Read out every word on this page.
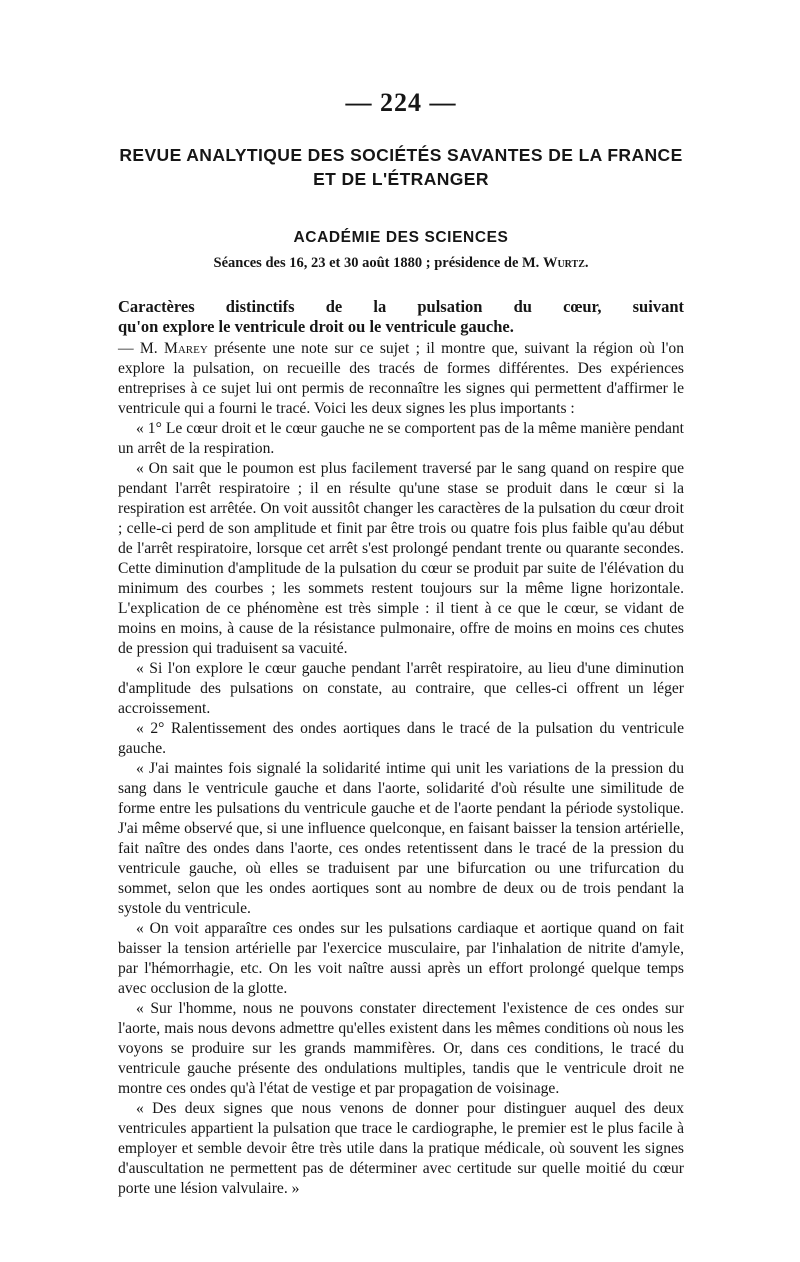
— 224 —
REVUE ANALYTIQUE DES SOCIÉTÉS SAVANTES DE LA FRANCE
ET DE L'ÉTRANGER
ACADÉMIE DES SCIENCES
Séances des 16, 23 et 30 août 1880 ; présidence de M. Wurtz.
Caractères distinctifs de la pulsation du cœur, suivant
qu'on explore le ventricule droit ou le ventricule gauche.

— M. Marey présente une note sur ce sujet ; il montre que, suivant la région où l'on explore la pulsation, on recueille des tracés de formes différentes. Des expériences entreprises à ce sujet lui ont permis de reconnaître les signes qui permettent d'affirmer le ventricule qui a fourni le tracé. Voici les deux signes les plus importants :

« 1° Le cœur droit et le cœur gauche ne se comportent pas de la même manière pendant un arrêt de la respiration.

« On sait que le poumon est plus facilement traversé par le sang quand on respire que pendant l'arrêt respiratoire ; il en résulte qu'une stase se produit dans le cœur si la respiration est arrêtée. On voit aussitôt changer les caractères de la pulsation du cœur droit ; celle-ci perd de son amplitude et finit par être trois ou quatre fois plus faible qu'au début de l'arrêt respiratoire, lorsque cet arrêt s'est prolongé pendant trente ou quarante secondes. Cette diminution d'amplitude de la pulsation du cœur se produit par suite de l'élévation du minimum des courbes ; les sommets restent toujours sur la même ligne horizontale. L'explication de ce phénomène est très simple : il tient à ce que le cœur, se vidant de moins en moins, à cause de la résistance pulmonaire, offre de moins en moins ces chutes de pression qui traduisent sa vacuité.

« Si l'on explore le cœur gauche pendant l'arrêt respiratoire, au lieu d'une diminution d'amplitude des pulsations on constate, au contraire, que celles-ci offrent un léger accroissement.

« 2° Ralentissement des ondes aortiques dans le tracé de la pulsation du ventricule gauche.

« J'ai maintes fois signalé la solidarité intime qui unit les variations de la pression du sang dans le ventricule gauche et dans l'aorte, solidarité d'où résulte une similitude de forme entre les pulsations du ventricule gauche et de l'aorte pendant la période systolique. J'ai même observé que, si une influence quelconque, en faisant baisser la tension artérielle, fait naître des ondes dans l'aorte, ces ondes retentissent dans le tracé de la pression du ventricule gauche, où elles se traduisent par une bifurcation ou une trifurcation du sommet, selon que les ondes aortiques sont au nombre de deux ou de trois pendant la systole du ventricule.

« On voit apparaître ces ondes sur les pulsations cardiaque et aortique quand on fait baisser la tension artérielle par l'exercice musculaire, par l'inhalation de nitrite d'amyle, par l'hémorrhagie, etc. On les voit naître aussi après un effort prolongé quelque temps avec occlusion de la glotte.

« Sur l'homme, nous ne pouvons constater directement l'existence de ces ondes sur l'aorte, mais nous devons admettre qu'elles existent dans les mêmes conditions où nous les voyons se produire sur les grands mammifères. Or, dans ces conditions, le tracé du ventricule gauche présente des ondulations multiples, tandis que le ventricule droit ne montre ces ondes qu'à l'état de vestige et par propagation de voisinage.

« Des deux signes que nous venons de donner pour distinguer auquel des deux ventricules appartient la pulsation que trace le cardiographe, le premier est le plus facile à employer et semble devoir être très utile dans la pratique médicale, où souvent les signes d'auscultation ne permettent pas de déterminer avec certitude sur quelle moitié du cœur porte une lésion valvulaire. »
